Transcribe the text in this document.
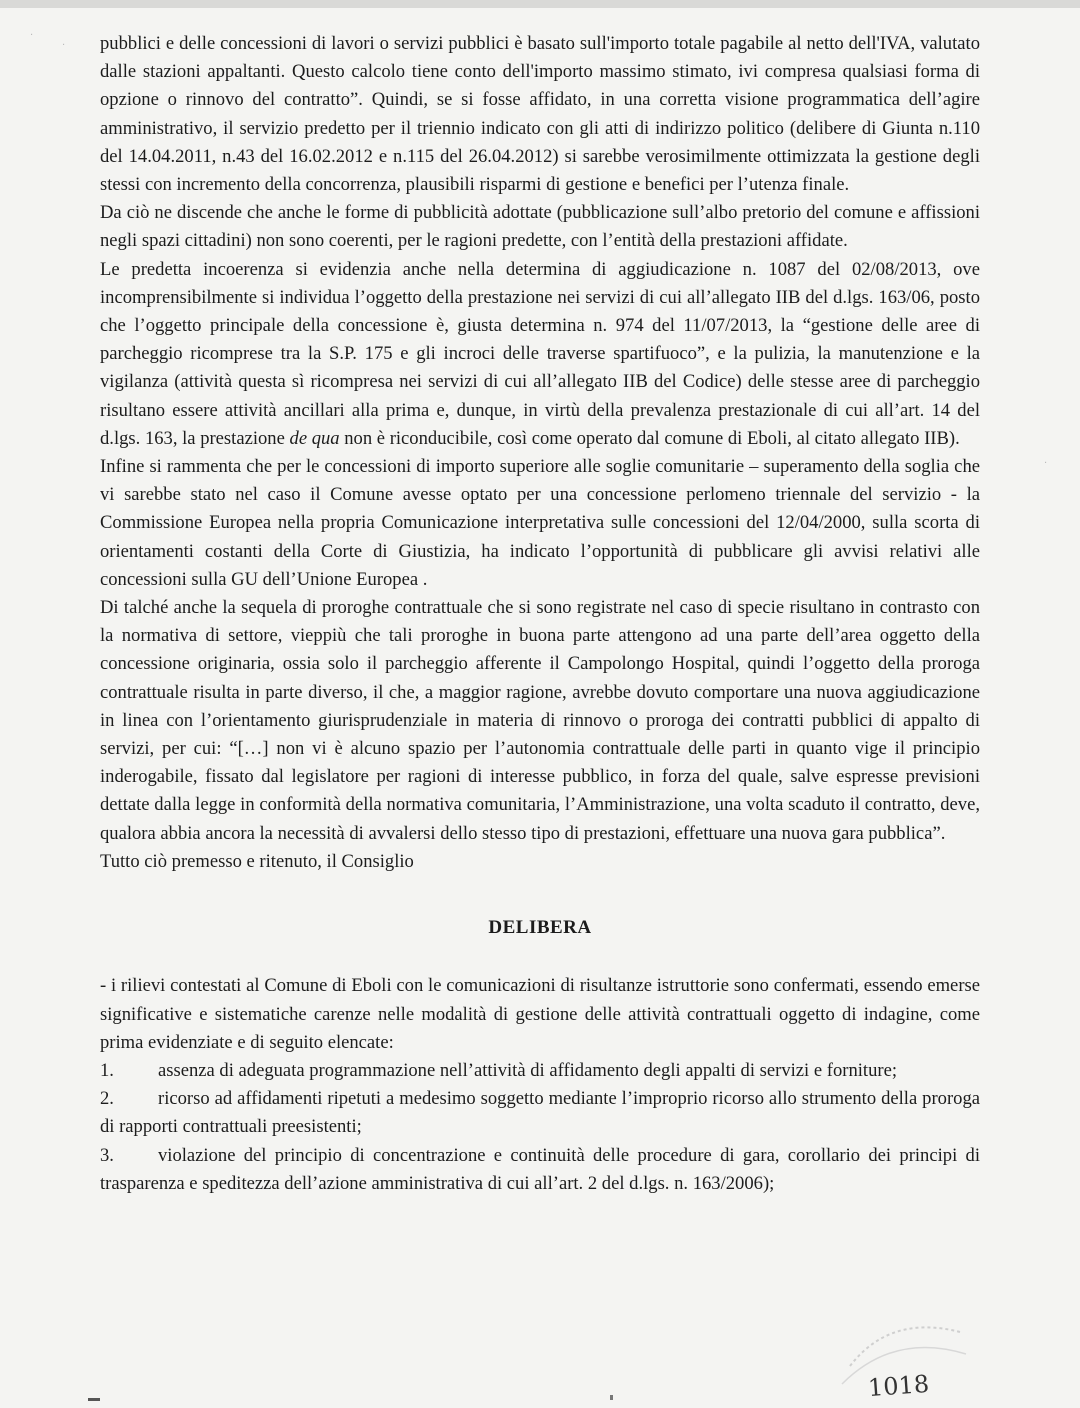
·
·
·

pubblici e delle concessioni di lavori o servizi pubblici è basato sull'importo totale pagabile al netto dell'IVA, valutato dalle stazioni appaltanti. Questo calcolo tiene conto dell'importo massimo stimato, ivi compresa qualsiasi forma di opzione o rinnovo del contratto”. Quindi, se si fosse affidato, in una corretta visione programmatica dell’agire amministrativo, il servizio predetto per il triennio indicato con gli atti di indirizzo politico (delibere di Giunta n.110 del 14.04.2011, n.43 del 16.02.2012 e n.115 del 26.04.2012) si sarebbe verosimilmente ottimizzata la gestione degli stessi con incremento della concorrenza, plausibili risparmi di gestione e benefici per l’utenza finale.

Da ciò ne discende che anche le forme di pubblicità adottate (pubblicazione sull’albo pretorio del comune e affissioni negli spazi cittadini) non sono coerenti, per le ragioni predette, con l’entità della prestazioni affidate.

Le predetta incoerenza si evidenzia anche nella determina di aggiudicazione n. 1087 del 02/08/2013, ove incomprensibilmente si individua l’oggetto della prestazione nei servizi di cui all’allegato IIB del d.lgs. 163/06, posto che l’oggetto principale della concessione è, giusta determina n. 974 del 11/07/2013, la “gestione delle aree di parcheggio ricomprese tra la S.P. 175 e gli incroci delle traverse spartifuoco”, e la pulizia, la manutenzione e la vigilanza (attività questa sì ricompresa nei servizi di cui all’allegato IIB del Codice) delle stesse aree di parcheggio risultano essere attività ancillari alla prima e, dunque, in virtù della prevalenza prestazionale di cui all’art. 14 del d.lgs. 163, la prestazione de qua non è riconducibile, così come operato dal comune di Eboli, al citato allegato IIB).

Infine si rammenta che per le concessioni di importo superiore alle soglie comunitarie – superamento della soglia che vi sarebbe stato nel caso il Comune avesse optato per una concessione perlomeno triennale del servizio - la Commissione Europea nella propria Comunicazione interpretativa sulle concessioni del 12/04/2000, sulla scorta di orientamenti costanti della Corte di Giustizia, ha indicato l’opportunità di pubblicare gli avvisi relativi alle concessioni sulla GU dell’Unione Europea .

Di talché anche la sequela di proroghe contrattuale che si sono registrate nel caso di specie risultano in contrasto con la normativa di settore, vieppiù che tali proroghe in buona parte attengono ad una parte dell’area oggetto della concessione originaria, ossia solo il parcheggio afferente il Campolongo Hospital, quindi l’oggetto della proroga contrattuale risulta in parte diverso, il che, a maggior ragione, avrebbe dovuto comportare una nuova aggiudicazione in linea con l’orientamento giurisprudenziale in materia di rinnovo o proroga dei contratti pubblici di appalto di servizi, per cui: “[…] non vi è alcuno spazio per l’autonomia contrattuale delle parti in quanto vige il principio inderogabile, fissato dal legislatore per ragioni di interesse pubblico, in forza del quale, salve espresse previsioni dettate dalla legge in conformità della normativa comunitaria, l’Amministrazione, una volta scaduto il contratto, deve, qualora abbia ancora la necessità di avvalersi dello stesso tipo di prestazioni, effettuare una nuova gara pubblica”.

Tutto ciò premesso e ritenuto, il Consiglio

DELIBERA

- i rilievi contestati al Comune di Eboli con le comunicazioni di risultanze istruttorie sono confermati, essendo emerse significative e sistematiche carenze nelle modalità di gestione delle attività contrattuali oggetto di indagine, come prima evidenziate e di seguito elencate:

1. assenza di adeguata programmazione nell’attività di affidamento degli appalti di servizi e forniture;
2. ricorso ad affidamenti ripetuti a medesimo soggetto mediante l’improprio ricorso allo strumento della proroga di rapporti contrattuali preesistenti;
3. violazione del principio di concentrazione e continuità delle procedure di gara, corollario dei principi di trasparenza e speditezza dell’azione amministrativa di cui all’art. 2 del d.lgs. n. 163/2006);
1018
